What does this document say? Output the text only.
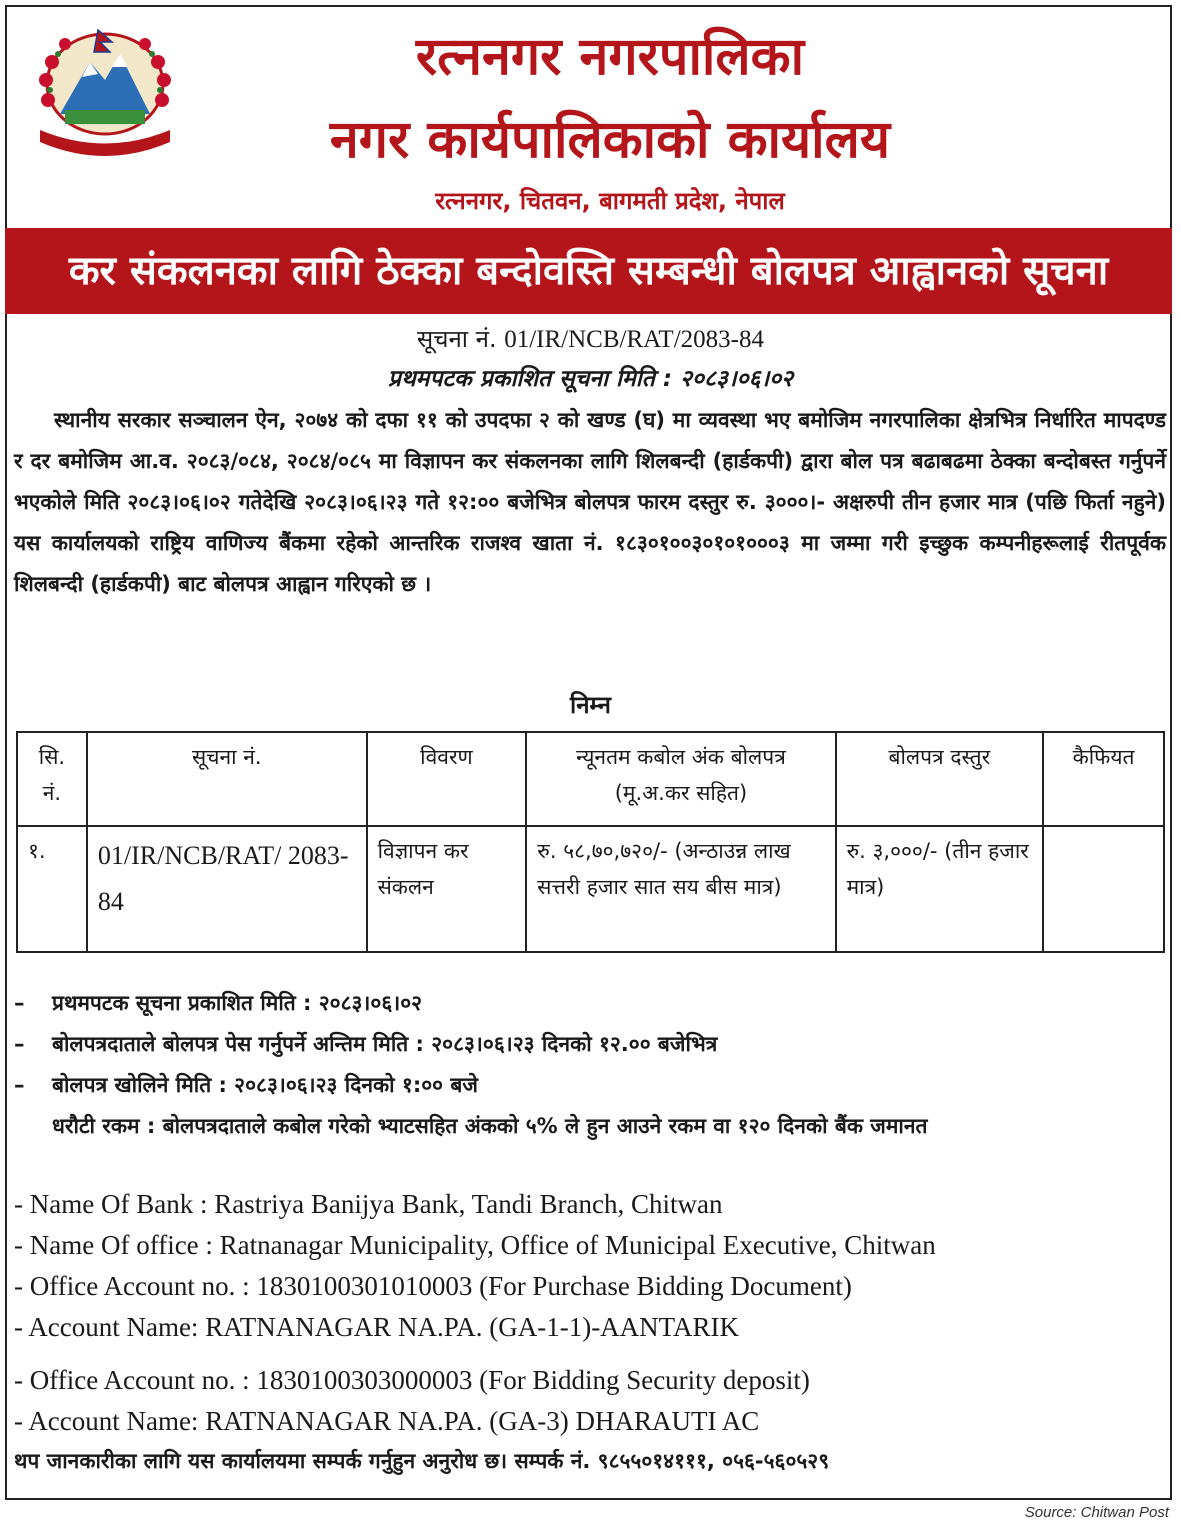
रत्ननगर नगरपालिका
नगर कार्यपालिकाको कार्यालय
रत्ननगर, चितवन, बागमती प्रदेश, नेपाल
कर संकलनका लागि ठेक्का बन्दोवस्ति सम्बन्धी बोलपत्र आह्वानको सूचना
सूचना नं. 01/IR/NCB/RAT/2083-84
प्रथमपटक प्रकाशित सूचना मिति : २०८३।०६।०२

स्थानीय सरकार सञ्चालन ऐन, २०७४ को दफा ११ को उपदफा २ को खण्ड (घ) मा व्यवस्था भए बमोजिम नगरपालिका क्षेत्रभित्र निर्धारित मापदण्ड र दर बमोजिम आ.व. २०८३/०८४, २०८४/०८५ मा विज्ञापन कर संकलनका लागि शिलबन्दी (हार्डकपी) द्वारा बोल पत्र बढाबढमा ठेक्का बन्दोबस्त गर्नुपर्ने भएकोले मिति २०८३।०६।०२ गतेदेखि २०८३।०६।२३ गते १२:०० बजेभित्र बोलपत्र फारम दस्तुर रु. ३०००।- अक्षरुपी तीन हजार मात्र (पछि फिर्ता नहुने) यस कार्यालयको राष्ट्रिय वाणिज्य बैंकमा रहेको आन्तरिक राजश्व खाता नं. १८३०१००३०१०१०००३ मा जम्मा गरी इच्छुक कम्पनीहरूलाई रीतपूर्वक शिलबन्दी (हार्डकपी) बाट बोलपत्र आह्वान गरिएको छ ।

निम्न
सि. नं.	सूचना नं.	विवरण	न्यूनतम कबोल अंक बोलपत्र (मू.अ.कर सहित)	बोलपत्र दस्तुर	कैफियत
१.	01/IR/NCB/RAT/ 2083-84	विज्ञापन कर संकलन	रु. ५८,७०,७२०/- (अन्ठाउन्न लाख सत्तरी हजार सात सय बीस मात्र)	रु. ३,०००/- (तीन हजार मात्र)	
– प्रथमपटक सूचना प्रकाशित मिति : २०८३।०६।०२
– बोलपत्रदाताले बोलपत्र पेस गर्नुपर्ने अन्तिम मिति : २०८३।०६।२३ दिनको १२.०० बजेभित्र
– बोलपत्र खोलिने मिति : २०८३।०६।२३ दिनको १:०० बजे
धरौटी रकम : बोलपत्रदाताले कबोल गरेको भ्याटसहित अंकको ५% ले हुन आउने रकम वा १२० दिनको बैंक जमानत
- Name Of Bank : Rastriya Banijya Bank, Tandi Branch, Chitwan
- Name Of office : Ratnanagar Municipality, Office of Municipal Executive, Chitwan
- Office Account no. : 1830100301010003 (For Purchase Bidding Document)
- Account Name: RATNANAGAR NA.PA. (GA-1-1)-AANTARIK
- Office Account no. : 1830100303000003 (For Bidding Security deposit)
- Account Name: RATNANAGAR NA.PA. (GA-3) DHARAUTI AC
थप जानकारीका लागि यस कार्यालयमा सम्पर्क गर्नुहुन अनुरोध छ। सम्पर्क नं. ९८५५०१४१११, ०५६-५६०५२९
Source: Chitwan Post
